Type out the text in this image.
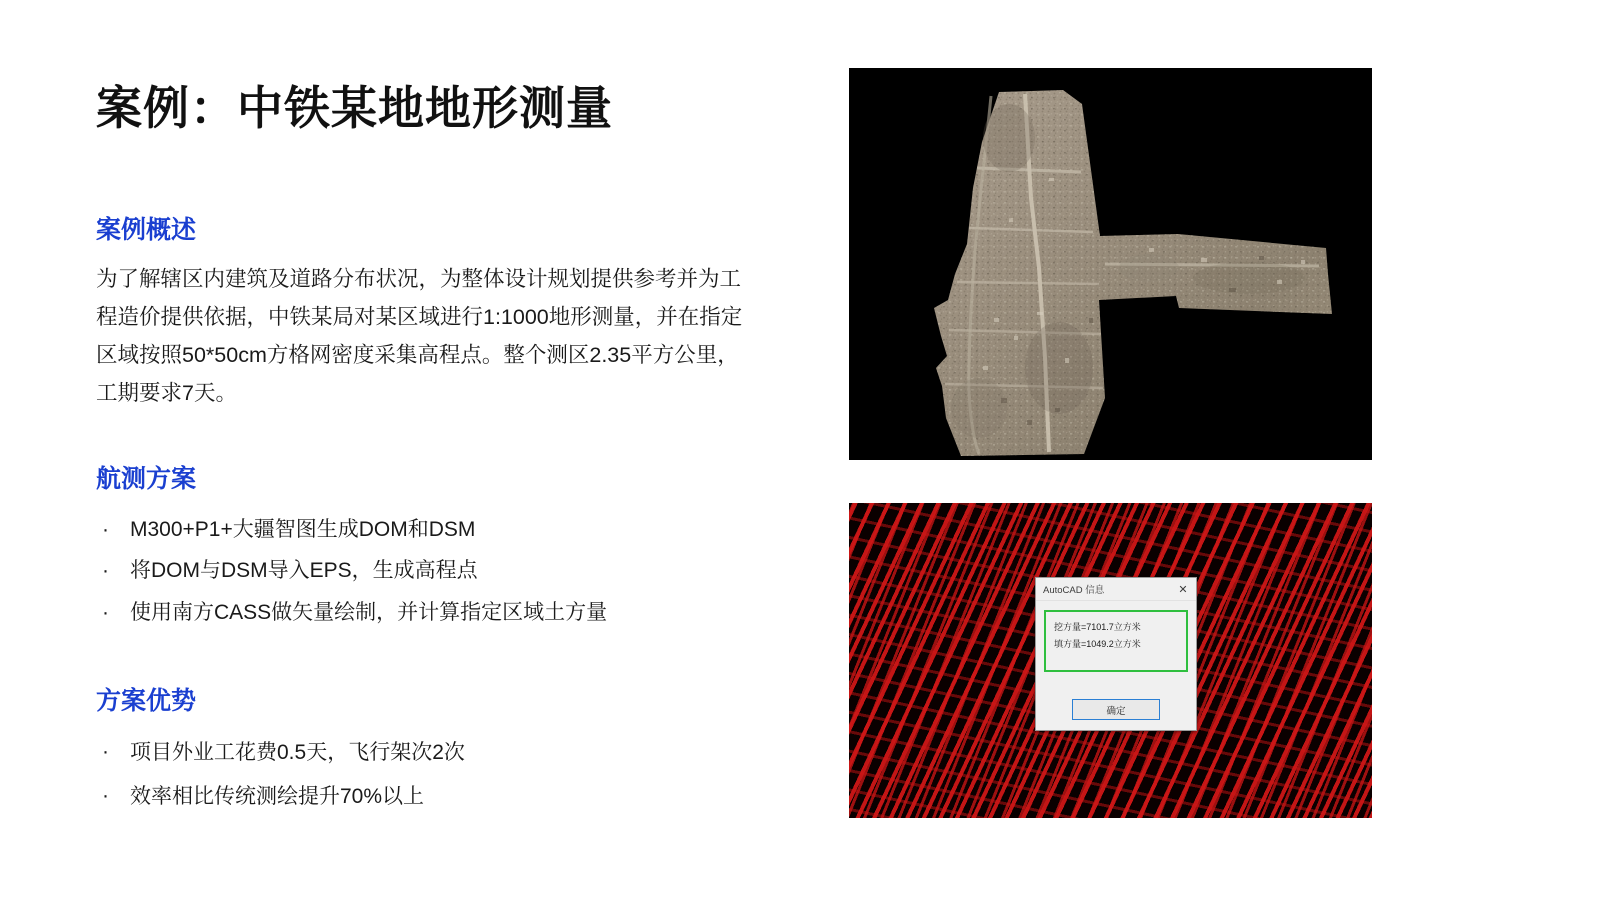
案例：中铁某地地形测量
案例概述

为了解辖区内建筑及道路分布状况，为整体设计规划提供参考并为工程造价提供依据，中铁某局对某区域进行1:1000地形测量，并在指定区域按照50*50cm方格网密度采集高程点。整个测区2.35平方公里，工期要求7天。

航测方案
· M300+P1+大疆智图生成DOM和DSM
· 将DOM与DSM导入EPS，生成高程点
· 使用南方CASS做矢量绘制，并计算指定区域土方量
方案优势
· 项目外业工花费0.5天，飞行架次2次
· 效率相比传统测绘提升70%以上
AutoCAD 信息	✕
挖方量=7101.7立方米
填方量=1049.2立方米
确定
